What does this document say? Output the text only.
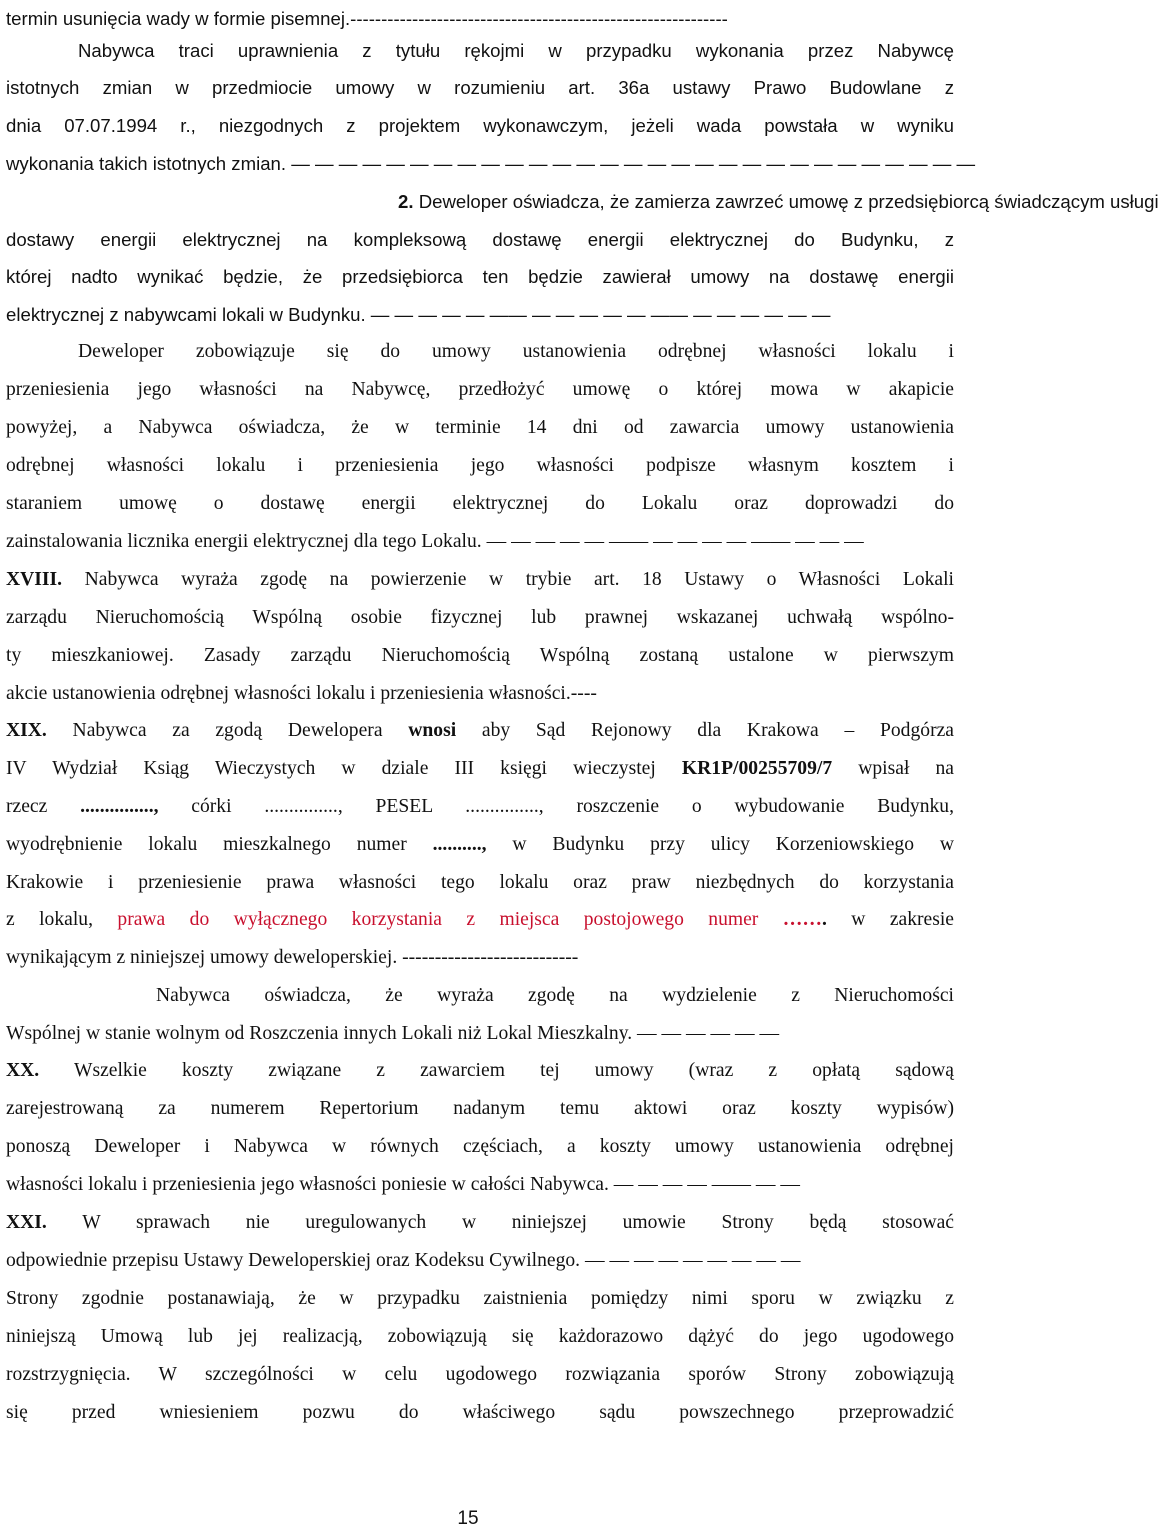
termin usunięcia wady w formie pisemnej.-------------------------------------------------------------
Nabywca traci uprawnienia z tytułu rękojmi w przypadku wykonania przez Nabywcę
istotnych zmian w przedmiocie umowy w rozumieniu art. 36a ustawy Prawo Budowlane z
dnia 07.07.1994 r., niezgodnych z projektem wykonawczym, jeżeli wada powstała w wyniku
wykonania takich istotnych zmian. — — — — — — — — — — — — — — — — — — — — — — — — — — — — —
2. Deweloper oświadcza, że zamierza zawrzeć umowę z przedsiębiorcą świadczącym usługi
dostawy energii elektrycznej na kompleksową dostawę energii elektrycznej do Budynku, z
której nadto wynikać będzie, że przedsiębiorca ten będzie zawierał umowy na dostawę energii
elektrycznej z nabywcami lokali w Budynku. — — — — — —— — — — — — —— — — — — — —
Deweloper zobowiązuje się do umowy ustanowienia odrębnej własności lokalu i
przeniesienia jego własności na Nabywcę, przedłożyć umowę o której mowa w akapicie
powyżej, a Nabywca oświadcza, że w terminie 14 dni od zawarcia umowy ustanowienia
odrębnej własności lokalu i przeniesienia jego własności podpisze własnym kosztem i
staraniem umowę o dostawę energii elektrycznej do Lokalu oraz doprowadzi do
zainstalowania licznika energii elektrycznej dla tego Lokalu. — — — — — —— — — — — —— — — —
XVIII. Nabywca wyraża zgodę na powierzenie w trybie art. 18 Ustawy o Własności Lokali
zarządu Nieruchomością Wspólną osobie fizycznej lub prawnej wskazanej uchwałą wspólno-
ty mieszkaniowej. Zasady zarządu Nieruchomością Wspólną zostaną ustalone w pierwszym
akcie ustanowienia odrębnej własności lokalu i przeniesienia własności.----
XIX. Nabywca za zgodą Dewelopera wnosi aby Sąd Rejonowy dla Krakowa – Podgórza
IV Wydział Ksiąg Wieczystych w dziale III księgi wieczystej KR1P/00255709/7 wpisał na
rzecz ..............., córki ..............., PESEL ..............., roszczenie o wybudowanie Budynku,
wyodrębnienie lokalu mieszkalnego numer .........., w Budynku przy ulicy Korzeniowskiego w
Krakowie i przeniesienie prawa własności tego lokalu oraz praw niezbędnych do korzystania
z lokalu, prawa do wyłącznego korzystania z miejsca postojowego numer ……. w zakresie
wynikającym z niniejszej umowy deweloperskiej. ---------------------------
Nabywca oświadcza, że wyraża zgodę na wydzielenie z Nieruchomości
Wspólnej w stanie wolnym od Roszczenia innych Lokali niż Lokal Mieszkalny. — — — — — —
XX. Wszelkie koszty związane z zawarciem tej umowy (wraz z opłatą sądową
zarejestrowaną za numerem Repertorium nadanym temu aktowi oraz koszty wypisów)
ponoszą Deweloper i Nabywca w równych częściach, a koszty umowy ustanowienia odrębnej
własności lokalu i przeniesienia jego własności poniesie w całości Nabywca. — — — — —— — —
XXI. W sprawach nie uregulowanych w niniejszej umowie Strony będą stosować
odpowiednie przepisu Ustawy Deweloperskiej oraz Kodeksu Cywilnego. — — — — — — — — —
Strony zgodnie postanawiają, że w przypadku zaistnienia pomiędzy nimi sporu w związku z
niniejszą Umową lub jej realizacją, zobowiązują się każdorazowo dążyć do jego ugodowego
rozstrzygnięcia. W szczególności w celu ugodowego rozwiązania sporów Strony zobowiązują
się przed wniesieniem pozwu do właściwego sądu powszechnego przeprowadzić
15
